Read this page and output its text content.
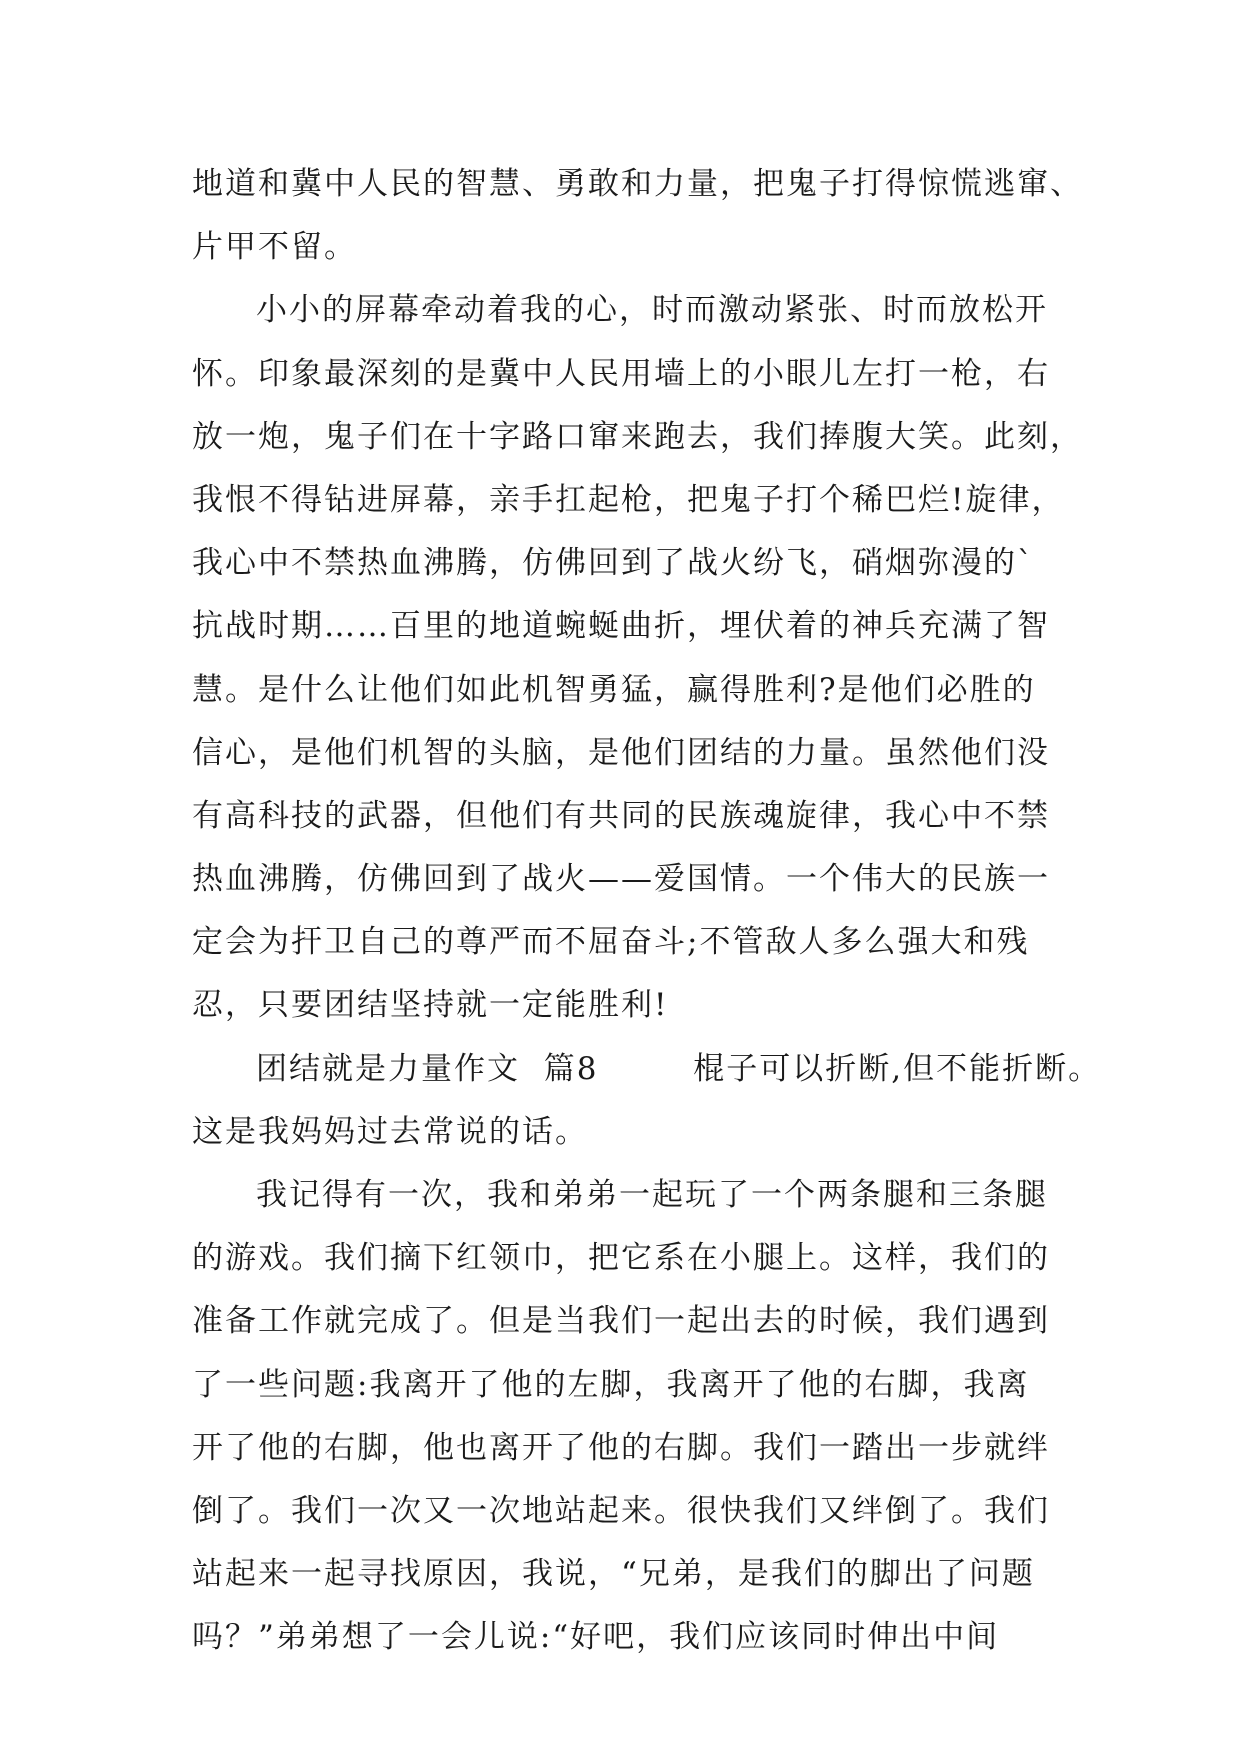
地道和冀中人民的智慧、勇敢和力量，把鬼子打得惊慌逃窜、
片甲不留。
小小的屏幕牵动着我的心，时而激动紧张、时而放松开
怀。印象最深刻的是冀中人民用墙上的小眼儿左打一枪，右
放一炮，鬼子们在十字路口窜来跑去，我们捧腹大笑。此刻，
我恨不得钻进屏幕，亲手扛起枪，把鬼子打个稀巴烂!旋律，
我心中不禁热血沸腾，仿佛回到了战火纷飞，硝烟弥漫的`
抗战时期……百里的地道蜿蜒曲折，埋伏着的神兵充满了智
慧。是什么让他们如此机智勇猛，赢得胜利?是他们必胜的
信心，是他们机智的头脑，是他们团结的力量。虽然他们没
有高科技的武器，但他们有共同的民族魂旋律，我心中不禁
热血沸腾，仿佛回到了战火——爱国情。一个伟大的民族一
定会为扞卫自己的尊严而不屈奋斗;不管敌人多么强大和残
忍，只要团结坚持就一定能胜利!
团结就是力量作文  篇8        棍子可以折断,但不能折断。
这是我妈妈过去常说的话。
我记得有一次，我和弟弟一起玩了一个两条腿和三条腿
的游戏。我们摘下红领巾，把它系在小腿上。这样，我们的
准备工作就完成了。但是当我们一起出去的时候，我们遇到
了一些问题:我离开了他的左脚，我离开了他的右脚，我离
开了他的右脚，他也离开了他的右脚。我们一踏出一步就绊
倒了。我们一次又一次地站起来。很快我们又绊倒了。我们
站起来一起寻找原因，我说，“兄弟，是我们的脚出了问题
吗？”弟弟想了一会儿说:“好吧，我们应该同时伸出中间
